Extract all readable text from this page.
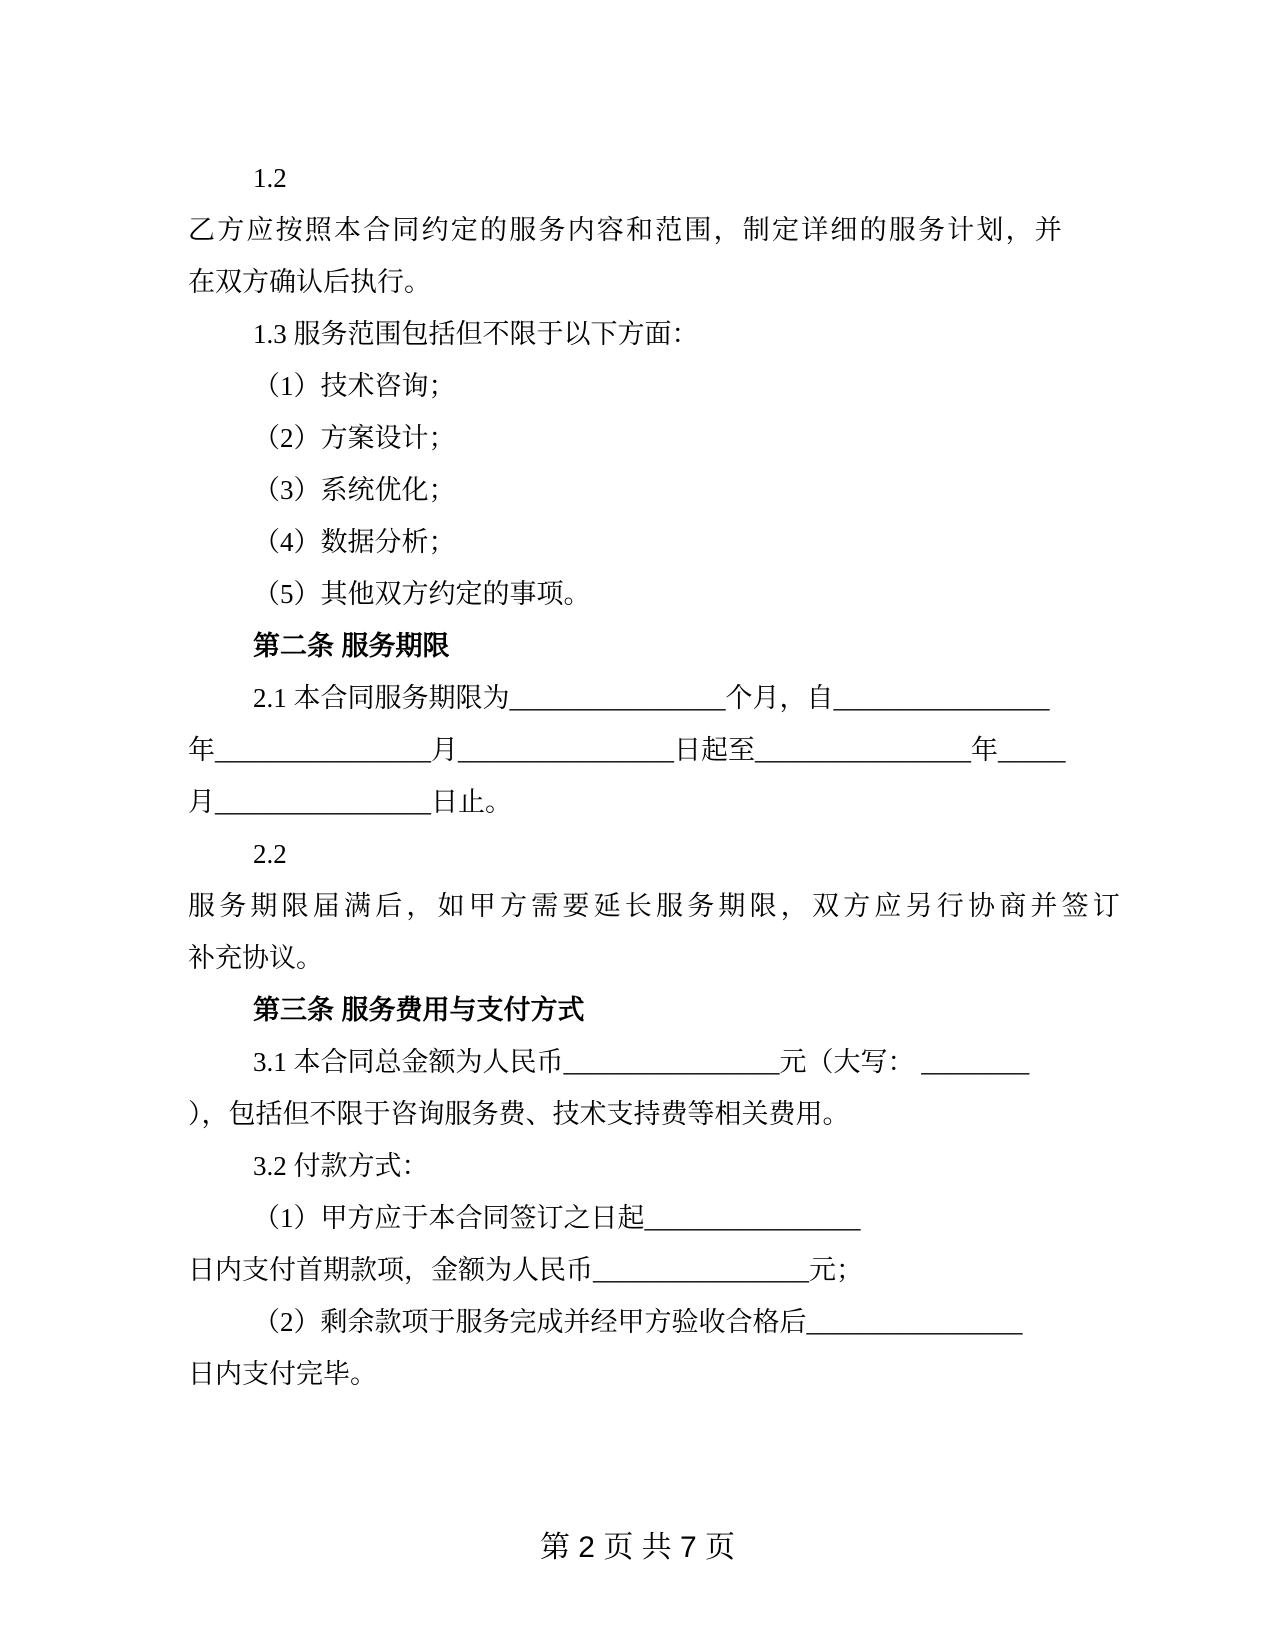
1.2

乙方应按照本合同约定的服务内容和范围，制定详细的服务计划，并

在双方确认后执行。

1.3 服务范围包括但不限于以下方面：

（1）技术咨询；

（2）方案设计；

（3）系统优化；

（4）数据分析；

（5）其他双方约定的事项。

第二条 服务期限

2.1 本合同服务期限为________________个月，自________________

年________________月________________日起至________________年_____

月________________日止。

2.2

服务期限届满后，如甲方需要延长服务期限，双方应另行协商并签订

补充协议。

第三条 服务费用与支付方式

3.1 本合同总金额为人民币________________元（大写： ________

），包括但不限于咨询服务费、技术支持费等相关费用。

3.2 付款方式：

（1）甲方应于本合同签订之日起________________

日内支付首期款项，金额为人民币________________元；

（2）剩余款项于服务完成并经甲方验收合格后________________

日内支付完毕。

第 2 页 共 7 页
